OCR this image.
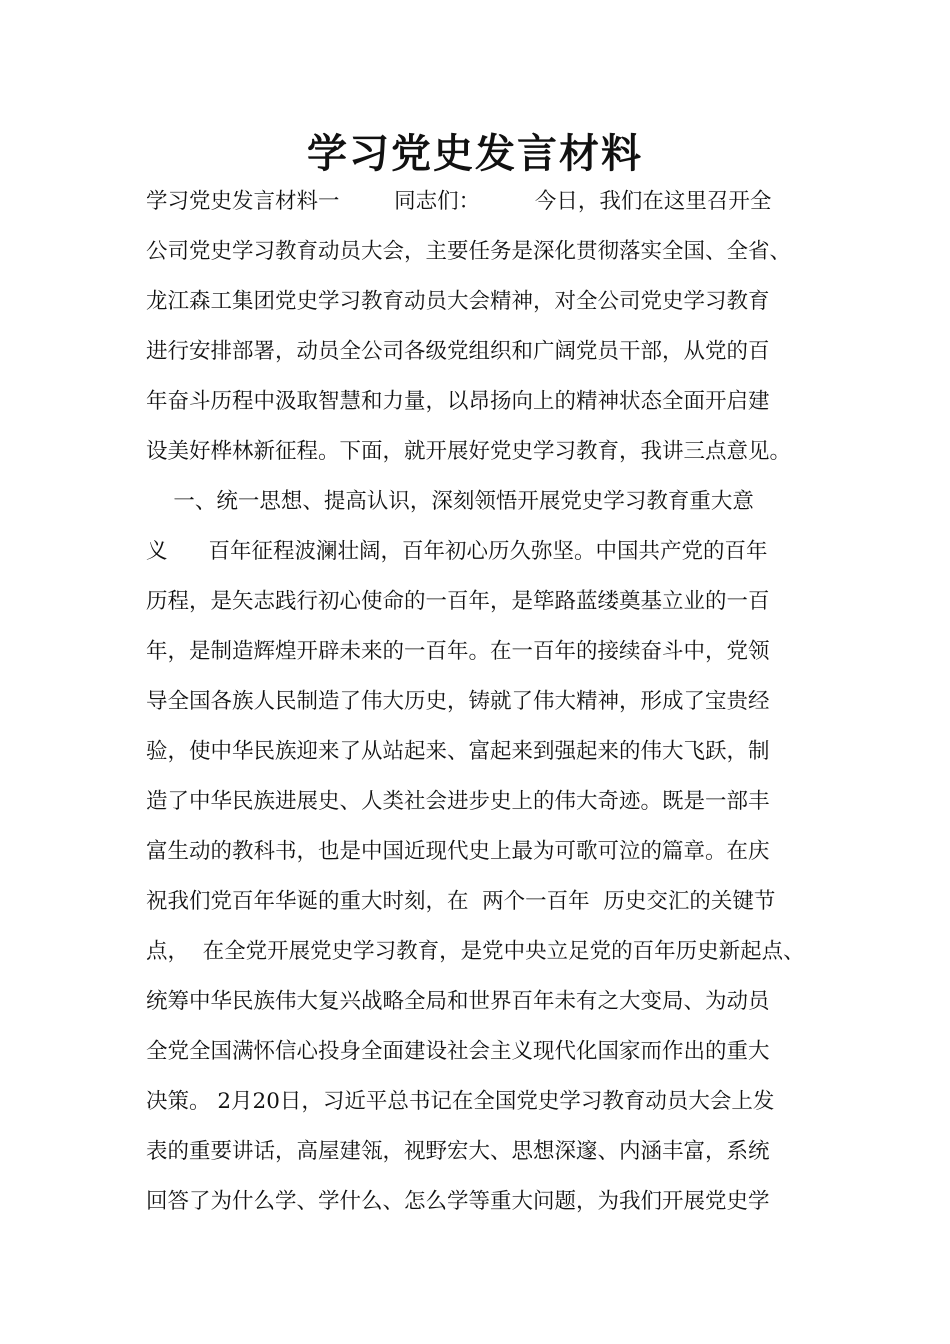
学习党史发言材料
学习党史发言材料一        同志们：        今日，我们在这里召开全
公司党史学习教育动员大会，主要任务是深化贯彻落实全国、全省、
龙江森工集团党史学习教育动员大会精神，对全公司党史学习教育
进行安排部署，动员全公司各级党组织和广阔党员干部，从党的百
年奋斗历程中汲取智慧和力量，以昂扬向上的精神状态全面开启建
设美好桦林新征程。下面，就开展好党史学习教育，我讲三点意见。
一、统一思想、提高认识，深刻领悟开展党史学习教育重大意
义      百年征程波澜壮阔，百年初心历久弥坚。中国共产党的百年
历程，是矢志践行初心使命的一百年，是筚路蓝缕奠基立业的一百
年，是制造辉煌开辟未来的一百年。在一百年的接续奋斗中，党领
导全国各族人民制造了伟大历史，铸就了伟大精神，形成了宝贵经
验，使中华民族迎来了从站起来、富起来到强起来的伟大飞跃，制
造了中华民族进展史、人类社会进步史上的伟大奇迹。既是一部丰
富生动的教科书，也是中国近现代史上最为可歌可泣的篇章。在庆
祝我们党百年华诞的重大时刻，在  两个一百年  历史交汇的关键节
点，  在全党开展党史学习教育，是党中央立足党的百年历史新起点、
统筹中华民族伟大复兴战略全局和世界百年未有之大变局、为动员
全党全国满怀信心投身全面建设社会主义现代化国家而作出的重大
决策。 2月20日，习近平总书记在全国党史学习教育动员大会上发
表的重要讲话，高屋建瓴，视野宏大、思想深邃、内涵丰富，系统
回答了为什么学、学什么、怎么学等重大问题，为我们开展党史学
